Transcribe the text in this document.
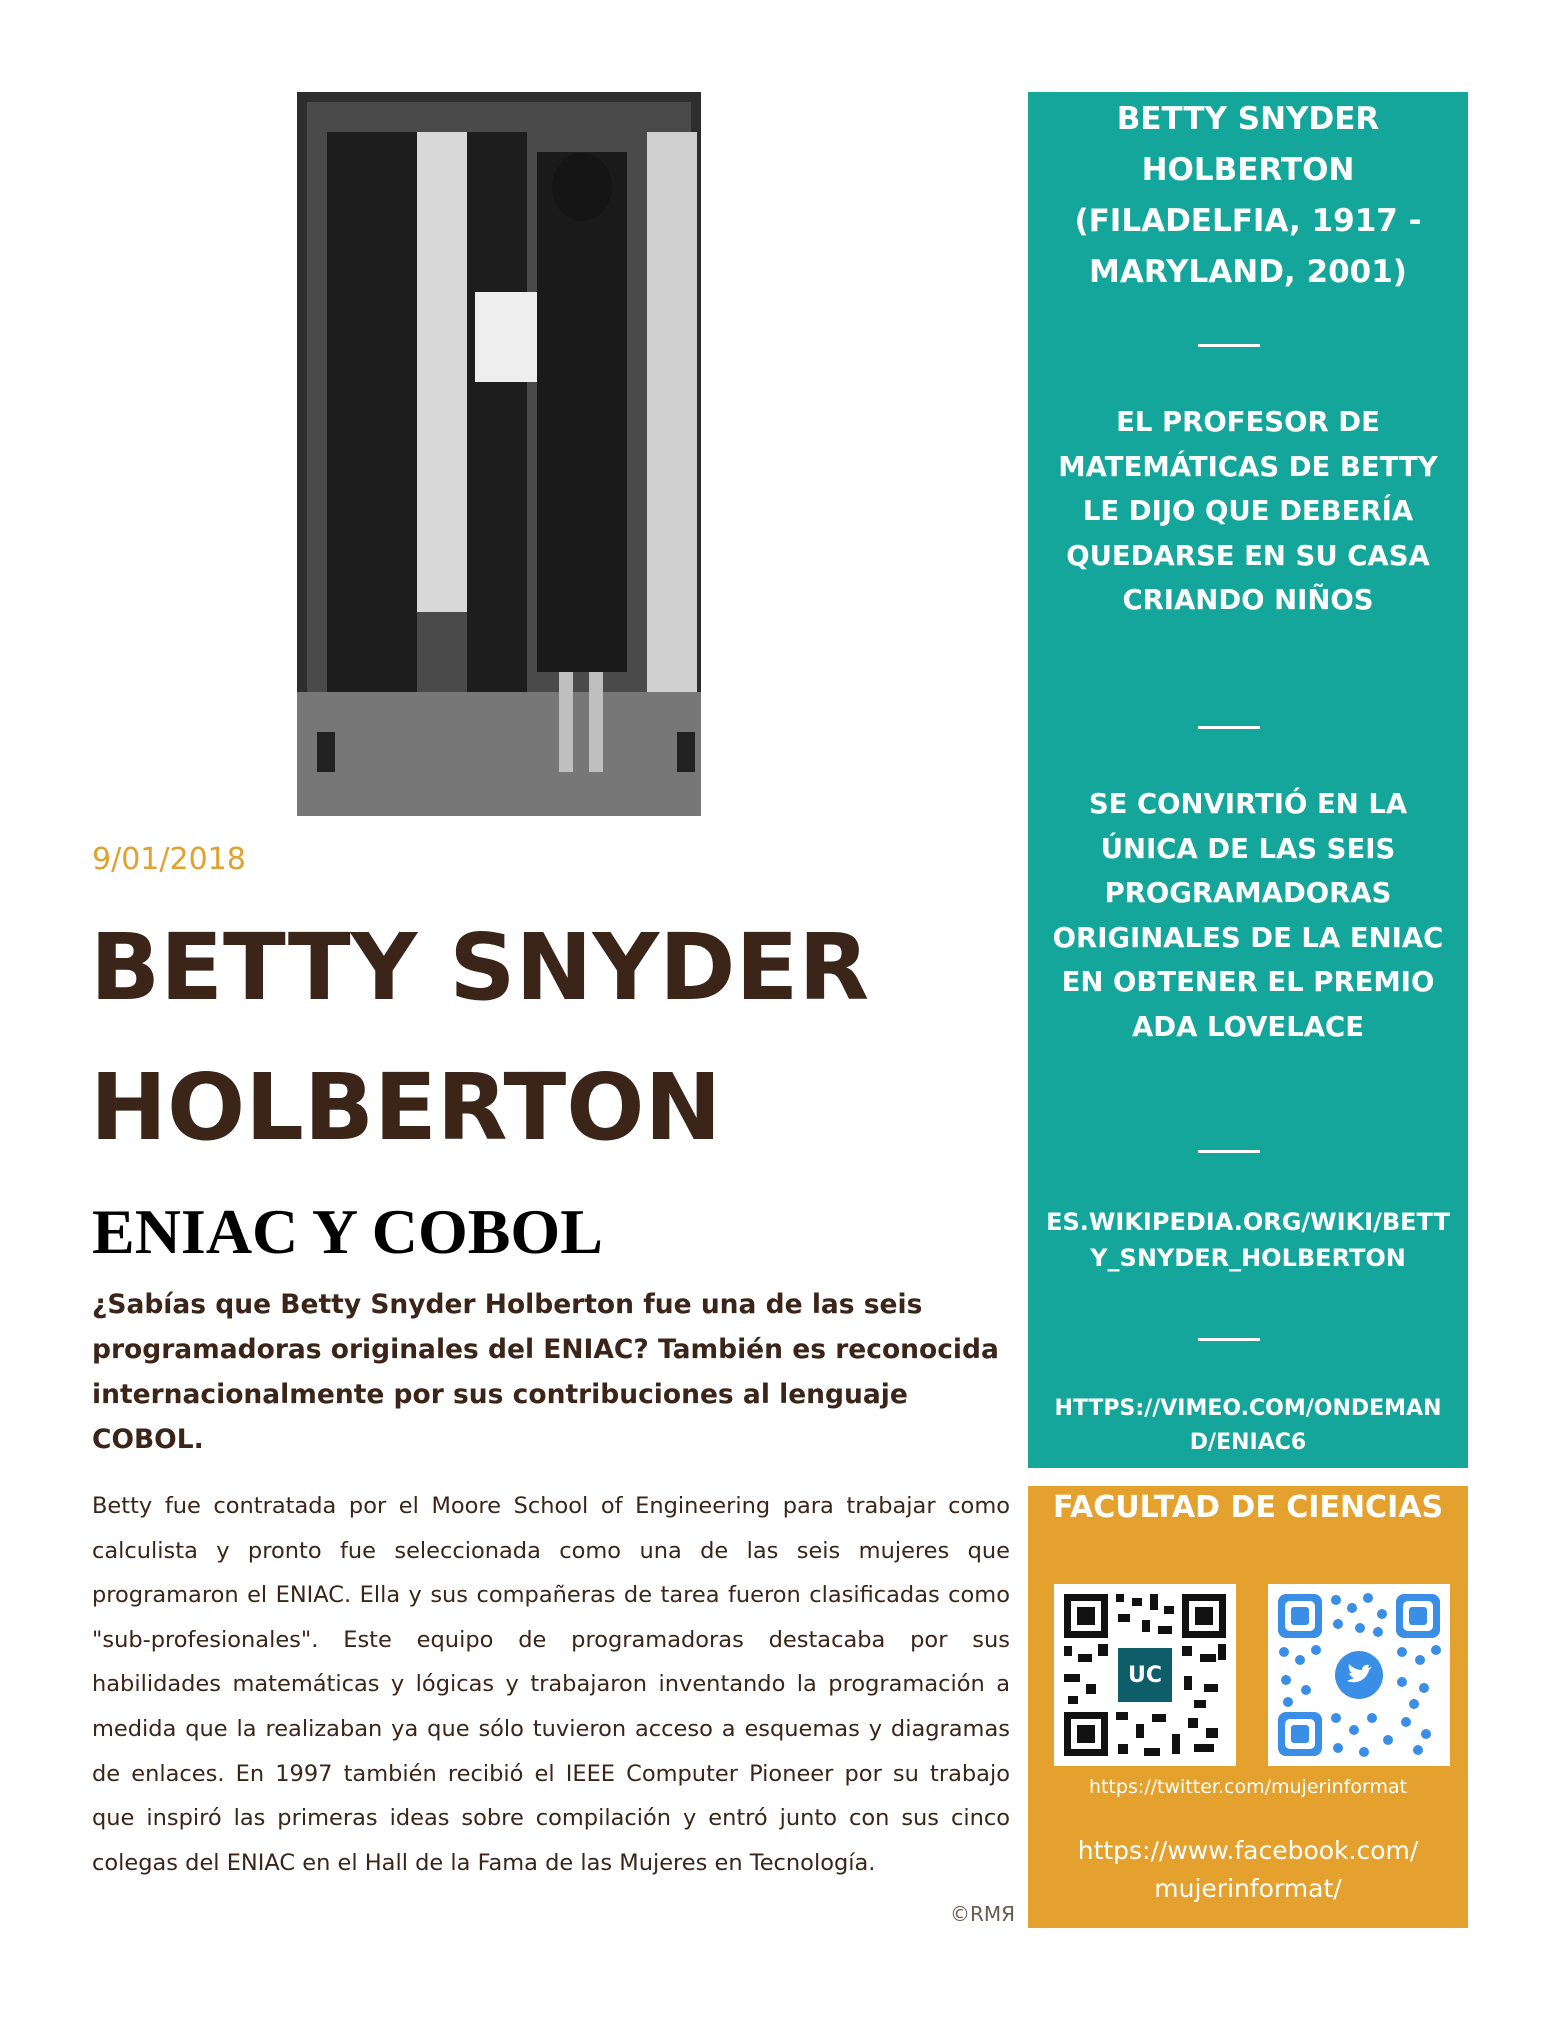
9/01/2018
BETTY SNYDER
HOLBERTON
ENIAC Y COBOL

¿Sabías que Betty Snyder Holberton fue una de las seis programadoras originales del ENIAC? También es reconocida internacionalmente por sus contribuciones al lenguaje COBOL.

Betty fue contratada por el Moore School of Engineering para trabajar como calculista y pronto fue seleccionada como una de las seis mujeres que programaron el ENIAC. Ella y sus compañeras de tarea fueron clasificadas como "sub-profesionales". Este equipo de programadoras destacaba por sus habilidades matemáticas y lógicas y trabajaron inventando la programación a medida que la realizaban ya que sólo tuvieron acceso a esquemas y diagramas de enlaces. En 1997 también recibió el IEEE Computer Pioneer por su trabajo que inspiró las primeras ideas sobre compilación y entró junto con sus cinco colegas del ENIAC en el Hall de la Fama de las Mujeres en Tecnología.

©RMЯ
BETTY SNYDER HOLBERTON (FILADELFIA, 1917 - MARYLAND, 2001)
EL PROFESOR DE MATEMÁTICAS DE BETTY LE DIJO QUE DEBERÍA QUEDARSE EN SU CASA CRIANDO NIÑOS
SE CONVIRTIÓ EN LA ÚNICA DE LAS SEIS PROGRAMADORAS ORIGINALES DE LA ENIAC EN OBTENER EL PREMIO ADA LOVELACE
ES.WIKIPEDIA.ORG/WIKI/BETTY_SNYDER_HOLBERTON
HTTPS://VIMEO.COM/ONDEMAND/ENIAC6
FACULTAD DE CIENCIAS
UC
https://twitter.com/mujerinformat
https://www.facebook.com/ mujerinformat/
